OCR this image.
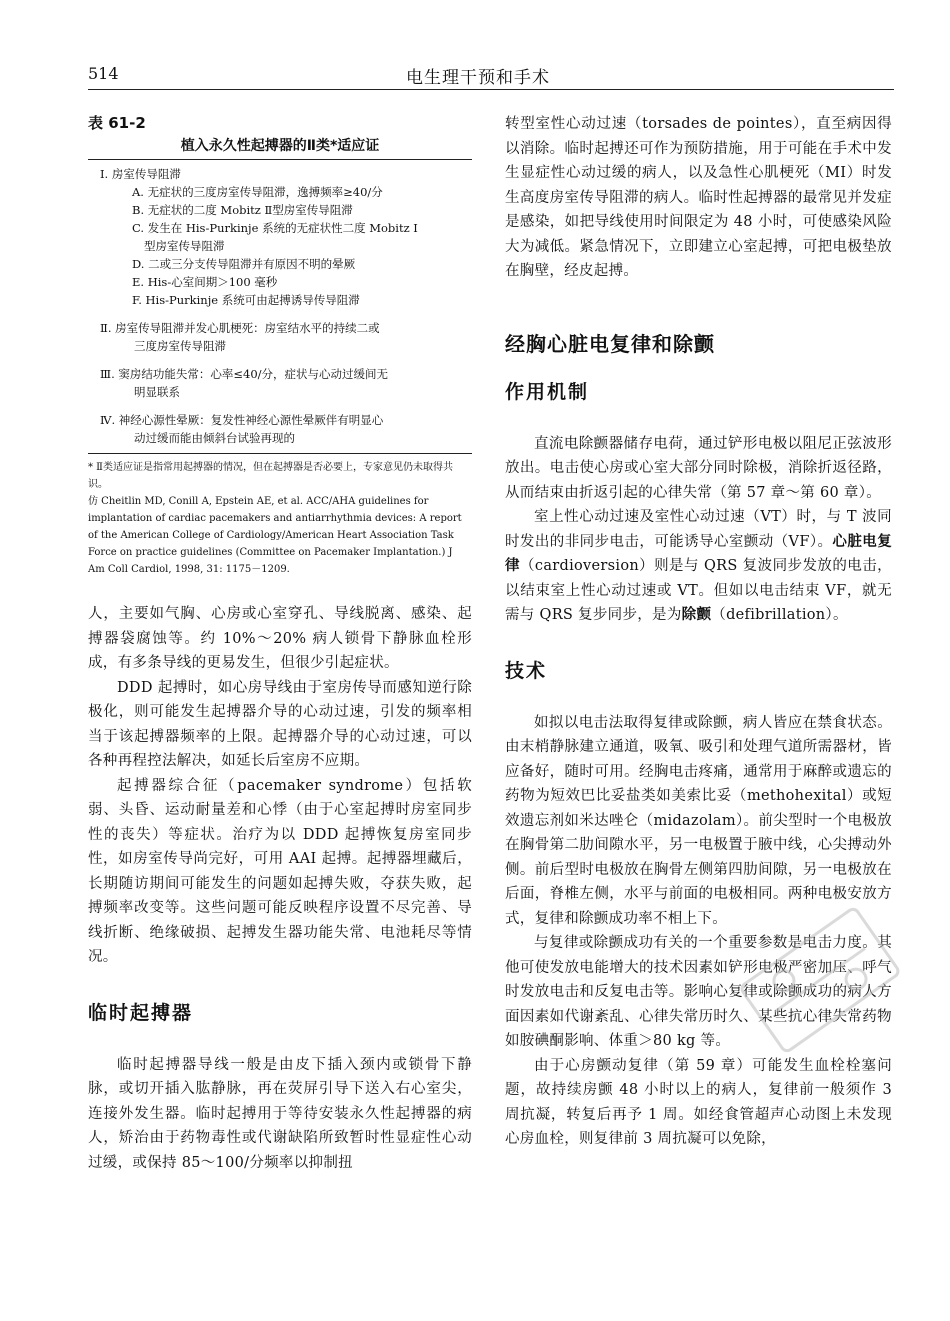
514	电生理干预和手术
表 61-2
植入永久性起搏器的Ⅱ类*适应证
Ⅰ. 房室传导阻滞
A. 无症状的三度房室传导阻滞，逸搏频率≥40/分
B. 无症状的二度 Mobitz Ⅱ型房室传导阻滞
C. 发生在 His-Purkinje 系统的无症状性二度 Mobitz Ⅰ
型房室传导阻滞
D. 二或三分支传导阻滞并有原因不明的晕厥
E. His-心室间期＞100 毫秒
F. His-Purkinje 系统可由起搏诱导传导阻滞
Ⅱ. 房室传导阻滞并发心肌梗死：房室结水平的持续二或
三度房室传导阻滞
Ⅲ. 窦房结功能失常：心率≤40/分，症状与心动过缓间无
明显联系
Ⅳ. 神经心源性晕厥：复发性神经心源性晕厥伴有明显心
动过缓而能由倾斜台试验再现的

* Ⅱ类适应证是指常用起搏器的情况，但在起搏器是否必要上，专家意见仍未取得共识。

仿 Cheitlin MD, Conill A, Epstein AE, et al. ACC/AHA guidelines for implantation of cardiac pacemakers and antiarrhythmia devices: A report of the American College of Cardiology/American Heart Association Task Force on practice guidelines (Committee on Pacemaker Implantation.) J Am Coll Cardiol, 1998, 31: 1175－1209.

人，主要如气胸、心房或心室穿孔、导线脱离、感染、起搏器袋腐蚀等。约 10%～20% 病人锁骨下静脉血栓形成，有多条导线的更易发生，但很少引起症状。

DDD 起搏时，如心房导线由于室房传导而感知逆行除极化，则可能发生起搏器介导的心动过速，引发的频率相当于该起搏器频率的上限。起搏器介导的心动过速，可以各种再程控法解决，如延长后室房不应期。

起搏器综合征（pacemaker syndrome）包括软弱、头昏、运动耐量差和心悸（由于心室起搏时房室同步性的丧失）等症状。治疗为以 DDD 起搏恢复房室同步性，如房室传导尚完好，可用 AAI 起搏。起搏器埋藏后，长期随访期间可能发生的问题如起搏失败，夺获失败，起搏频率改变等。这些问题可能反映程序设置不尽完善、导线折断、绝缘破损、起搏发生器功能失常、电池耗尽等情况。

临时起搏器

临时起搏器导线一般是由皮下插入颈内或锁骨下静脉，或切开插入肱静脉，再在荧屏引导下送入右心室尖，连接外发生器。临时起搏用于等待安装永久性起搏器的病人，矫治由于药物毒性或代谢缺陷所致暂时性显症性心动过缓，或保持 85～100/分频率以抑制扭

转型室性心动过速（torsades de pointes），直至病因得以消除。临时起搏还可作为预防措施，用于可能在手术中发生显症性心动过缓的病人，以及急性心肌梗死（MI）时发生高度房室传导阻滞的病人。临时性起搏器的最常见并发症是感染，如把导线使用时间限定为 48 小时，可使感染风险大为减低。紧急情况下，立即建立心室起搏，可把电极垫放在胸壁，经皮起搏。

经胸心脏电复律和除颤
作用机制

直流电除颤器储存电荷，通过铲形电极以阻尼正弦波形放出。电击使心房或心室大部分同时除极，消除折返径路，从而结束由折返引起的心律失常（第 57 章～第 60 章）。

室上性心动过速及室性心动过速（VT）时，与 T 波同时发出的非同步电击，可能诱导心室颤动（VF）。心脏电复律（cardioversion）则是与 QRS 复波同步发放的电击，以结束室上性心动过速或 VT。但如以电击结束 VF，就无需与 QRS 复步同步，是为除颤（defibrillation）。

技术

如拟以电击法取得复律或除颤，病人皆应在禁食状态。由末梢静脉建立通道，吸氧、吸引和处理气道所需器材，皆应备好，随时可用。经胸电击疼痛，通常用于麻醉或遗忘的药物为短效巴比妥盐类如美索比妥（methohexital）或短效遗忘剂如米达唑仑（midazolam）。前尖型时一个电极放在胸骨第二肋间隙水平，另一电极置于腋中线，心尖搏动外侧。前后型时电极放在胸骨左侧第四肋间隙，另一电极放在后面，脊椎左侧，水平与前面的电极相同。两种电极安放方式，复律和除颤成功率不相上下。

与复律或除颤成功有关的一个重要参数是电击力度。其他可使发放电能增大的技术因素如铲形电极严密加压、呼气时发放电击和反复电击等。影响心复律或除颤成功的病人方面因素如代谢紊乱、心律失常历时久、某些抗心律失常药物如胺碘酮影响、体重＞80 kg 等。

由于心房颤动复律（第 59 章）可能发生血栓栓塞问题，故持续房颤 48 小时以上的病人，复律前一般须作 3 周抗凝，转复后再予 1 周。如经食管超声心动图上未发现心房血栓，则复律前 3 周抗凝可以免除，
